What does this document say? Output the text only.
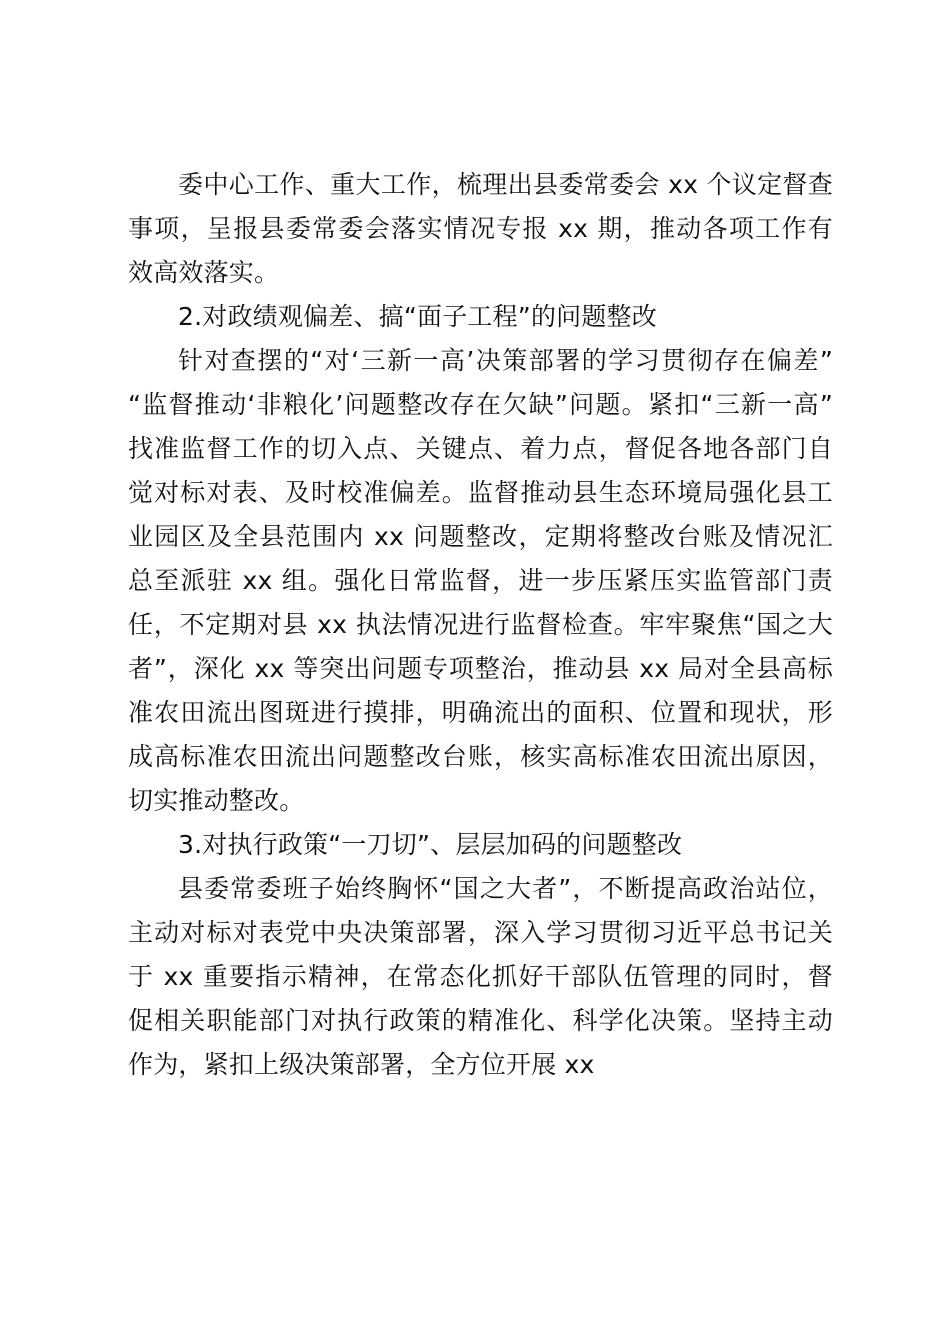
委中心工作、重大工作，梳理出县委常委会 xx 个议定督查
事项，呈报县委常委会落实情况专报 xx 期，推动各项工作有
效高效落实。
2.对政绩观偏差、搞“面子工程”的问题整改
针对查摆的“对‘三新一高’决策部署的学习贯彻存在偏差”
“监督推动‘非粮化’问题整改存在欠缺”问题。紧扣“三新一高”
找准监督工作的切入点、关键点、着力点，督促各地各部门自
觉对标对表、及时校准偏差。监督推动县生态环境局强化县工
业园区及全县范围内 xx 问题整改，定期将整改台账及情况汇
总至派驻 xx 组。强化日常监督，进一步压紧压实监管部门责
任，不定期对县 xx 执法情况进行监督检查。牢牢聚焦“国之大
者”，深化 xx 等突出问题专项整治，推动县 xx 局对全县高标
准农田流出图斑进行摸排，明确流出的面积、位置和现状，形
成高标准农田流出问题整改台账，核实高标准农田流出原因，
切实推动整改。
3.对执行政策“一刀切”、层层加码的问题整改
县委常委班子始终胸怀“国之大者”，不断提高政治站位，
主动对标对表党中央决策部署，深入学习贯彻习近平总书记关
于 xx 重要指示精神，在常态化抓好干部队伍管理的同时，督
促相关职能部门对执行政策的精准化、科学化决策。坚持主动
作为，紧扣上级决策部署，全方位开展 xx
